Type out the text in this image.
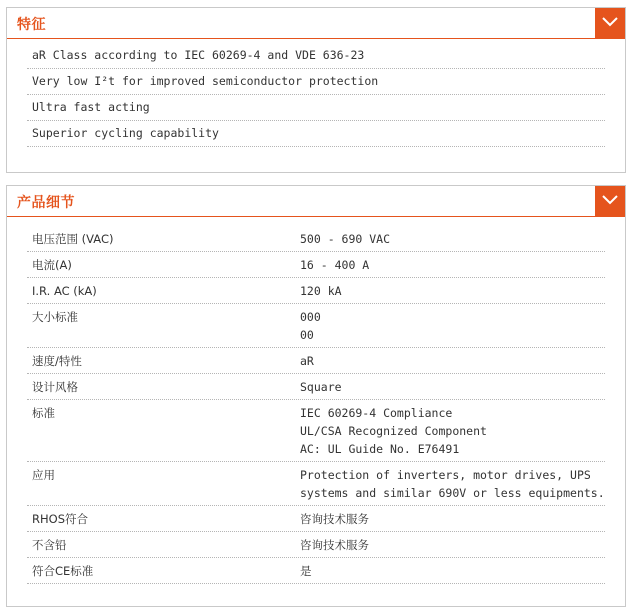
特征
aR Class according to IEC 60269-4 and VDE 636-23
Very low I²t for improved semiconductor protection
Ultra fast acting
Superior cycling capability
产品细节
电压范围 (VAC)	500 - 690 VAC
电流(A)	16 - 400 A
I.R. AC (kA)	120 kA
大小标准	000
00
速度/特性	aR
设计风格	Square
标准	IEC 60269-4 Compliance
UL/CSA Recognized Component
AC: UL Guide No. E76491
应用	Protection of inverters, motor drives, UPS
systems and similar 690V or less equipments.
RHOS符合	咨询技术服务
不含铅	咨询技术服务
符合CE标准	是
